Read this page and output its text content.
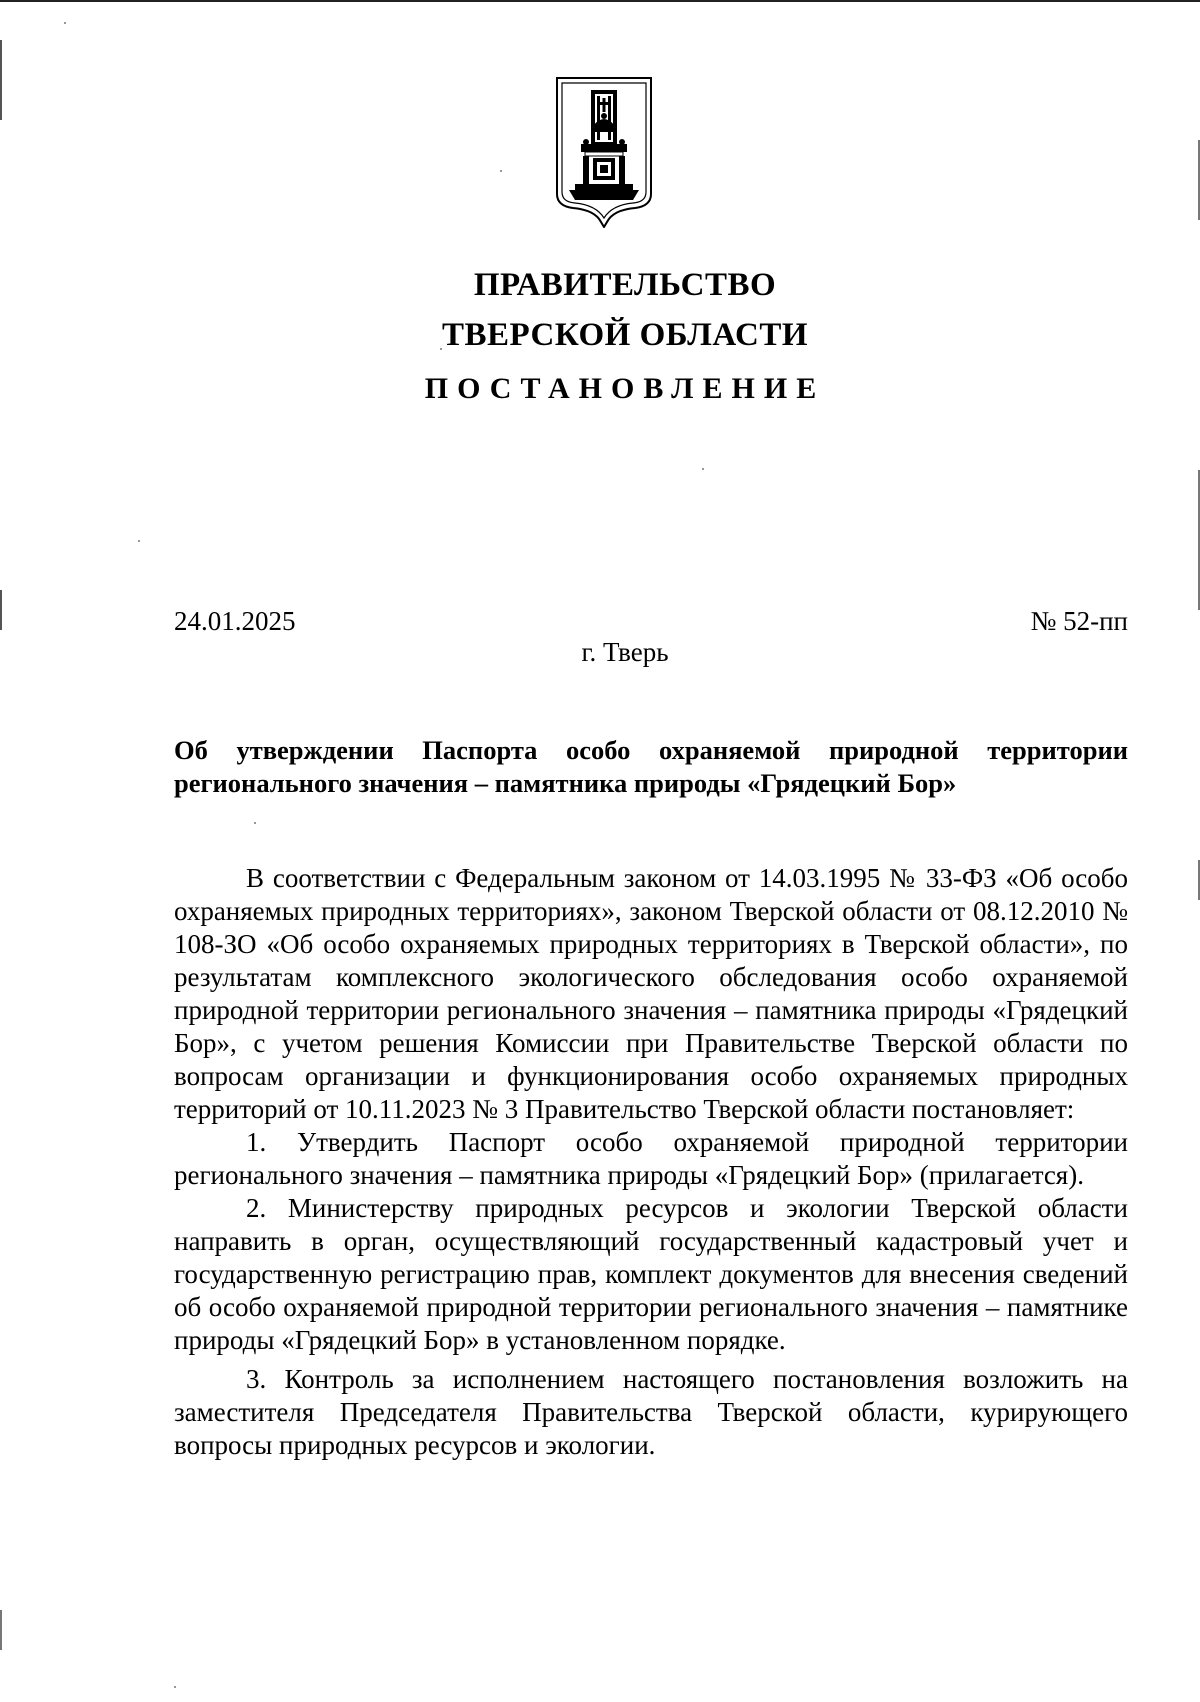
ПРАВИТЕЛЬСТВО
ТВЕРСКОЙ ОБЛАСТИ
ПОСТАНОВЛЕНИЕ
24.01.2025	№ 52-пп
г. Тверь
Об утверждении Паспорта особо охраняемой природной территории
регионального значения – памятника природы «Грядецкий Бор»

В соответствии с Федеральным законом от 14.03.1995 № 33-ФЗ «Об особо охраняемых природных территориях», законом Тверской области от 08.12.2010 № 108-ЗО «Об особо охраняемых природных территориях в Тверской области», по результатам комплексного экологического обследования особо охраняемой природной территории регионального значения – памятника природы «Грядецкий Бор», с учетом решения Комиссии при Правительстве Тверской области по вопросам организации и функционирования особо охраняемых природных территорий от 10.11.2023 № 3 Правительство Тверской области постановляет:

1. Утвердить Паспорт особо охраняемой природной территории регионального значения – памятника природы «Грядецкий Бор» (прилагается).

2. Министерству природных ресурсов и экологии Тверской области направить в орган, осуществляющий государственный кадастровый учет и государственную регистрацию прав, комплект документов для внесения сведений об особо охраняемой природной территории регионального значения – памятнике природы «Грядецкий Бор» в установленном порядке.

3. Контроль за исполнением настоящего постановления возложить на заместителя Председателя Правительства Тверской области, курирующего вопросы природных ресурсов и экологии.
